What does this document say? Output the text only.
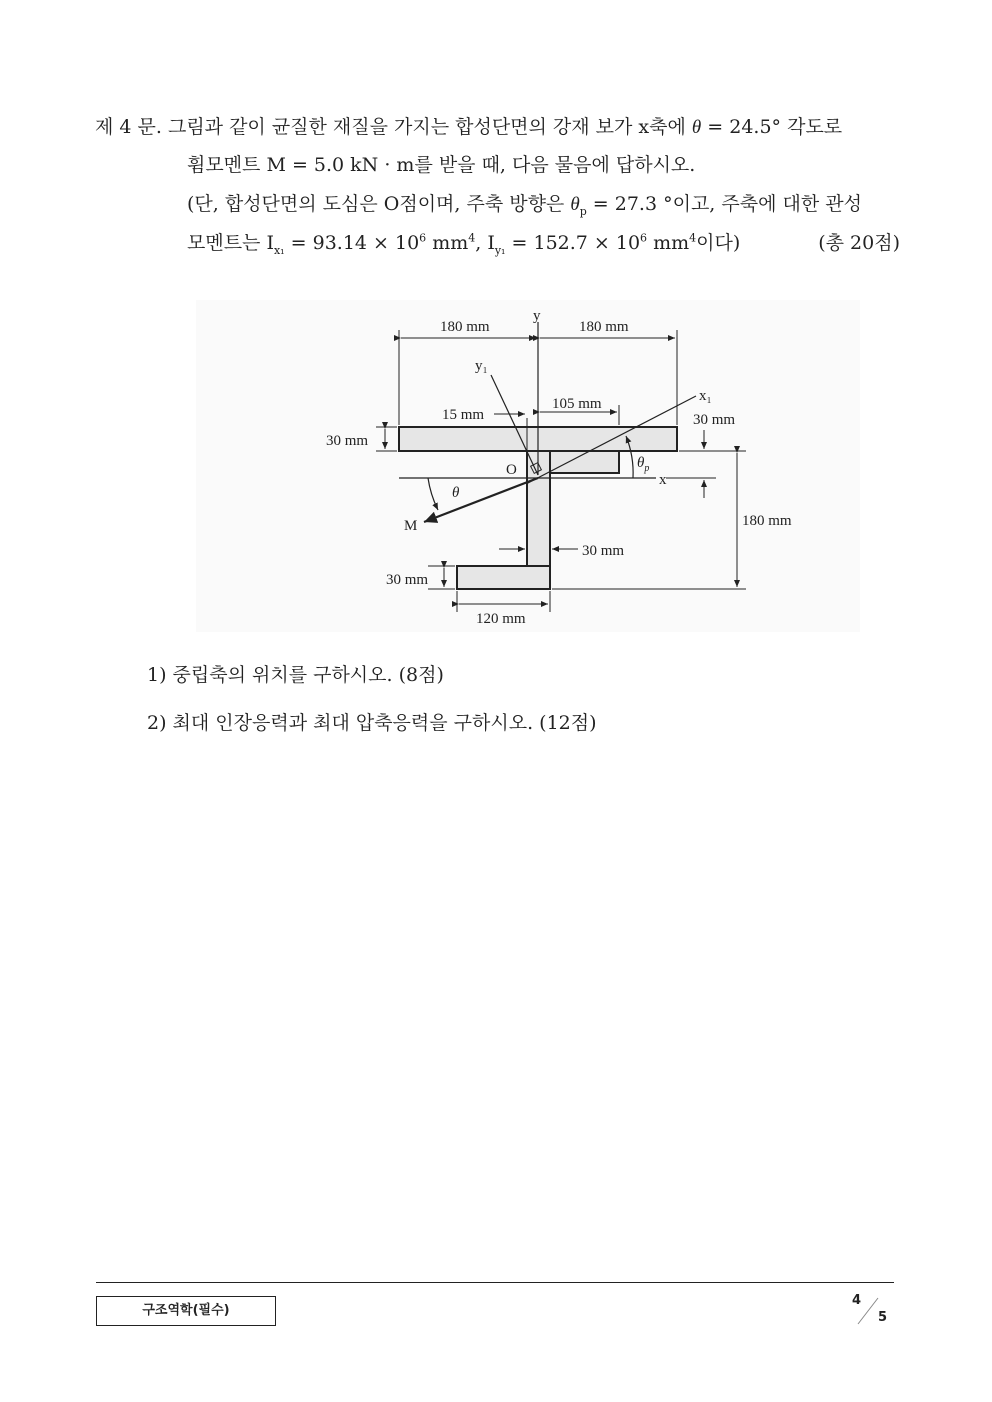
제 4 문. 그림과 같이 균질한 재질을 가지는 합성단면의 강재 보가 x축에 θ = 24.5° 각도로
휨모멘트 M = 5.0 kN · m를 받을 때, 다음 물음에 답하시오.
(단, 합성단면의 도심은 O점이며, 주축 방향은 $\theta_p = 27.3$ °이고, 주축에 대한 관성
모멘트는 $I_{x_1} = 93.14 \times 10^6$ $mm^4$, $I_{y_1} = 152.7 \times 10^6$ $mm^4$이다)	(총 20점)
180 mm	180 mm
y
y₁
x₁
x
15 mm
105 mm
30 mm
30 mm
O
θ
$\theta_p$
M	180 mm
30 mm
30 mm
120 mm
1) 중립축의 위치를 구하시오. (8점)
2) 최대 인장응력과 최대 압축응력을 구하시오. (12점)
구조역학(필수)
4
5
